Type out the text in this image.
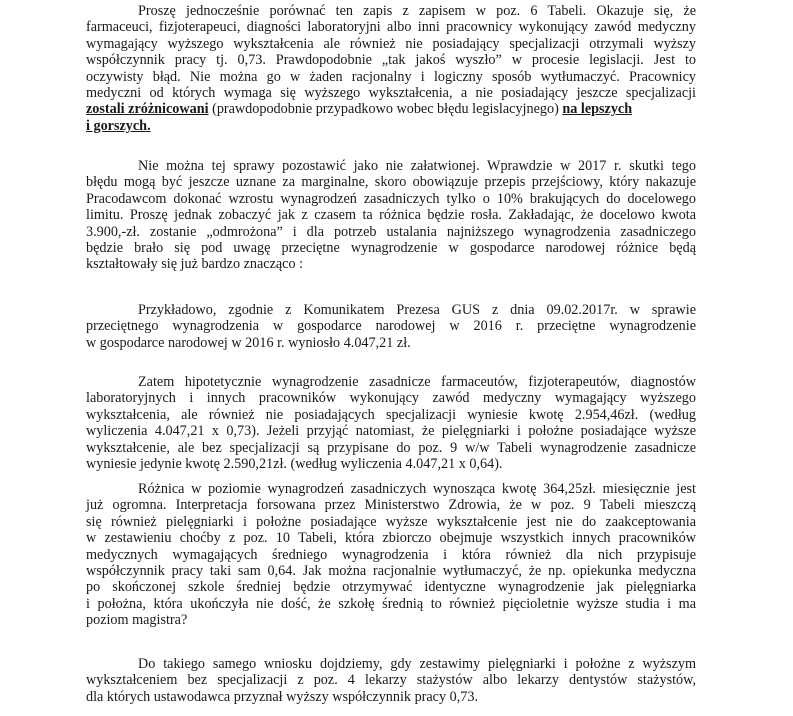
Proszę jednocześnie porównać ten zapis z zapisem w poz. 6 Tabeli. Okazuje się, że
farmaceuci, fizjoterapeuci, diagności laboratoryjni albo inni pracownicy wykonujący zawód medyczny
wymagający wyższego wykształcenia ale również nie posiadający specjalizacji otrzymali wyższy
współczynnik pracy tj. 0,73. Prawdopodobnie „tak jakoś wyszło” w procesie legislacji. Jest to
oczywisty błąd. Nie można go w żaden racjonalny i logiczny sposób wytłumaczyć. Pracownicy
medyczni od których wymaga się wyższego wykształcenia, a nie posiadający jeszcze specjalizacji
zostali zróżnicowani (prawdopodobnie przypadkowo wobec błędu legislacyjnego) na lepszych
i gorszych.
Nie można tej sprawy pozostawić jako nie załatwionej. Wprawdzie w 2017 r. skutki tego
błędu mogą być jeszcze uznane za marginalne, skoro obowiązuje przepis przejściowy, który nakazuje
Pracodawcom dokonać wzrostu wynagrodzeń zasadniczych tylko o 10% brakujących do docelowego
limitu. Proszę jednak zobaczyć jak z czasem ta różnica będzie rosła. Zakładając, że docelowo kwota
3.900,-zł. zostanie „odmrożona” i dla potrzeb ustalania najniższego wynagrodzenia zasadniczego
będzie brało się pod uwagę przeciętne wynagrodzenie w gospodarce narodowej różnice będą
kształtowały się już bardzo znacząco :
Przykładowo, zgodnie z Komunikatem Prezesa GUS z dnia 09.02.2017r. w sprawie
przeciętnego wynagrodzenia w gospodarce narodowej w 2016 r. przeciętne wynagrodzenie
w gospodarce narodowej w 2016 r. wyniosło 4.047,21 zł.
Zatem hipotetycznie wynagrodzenie zasadnicze farmaceutów, fizjoterapeutów, diagnostów
laboratoryjnych i innych pracowników wykonujący zawód medyczny wymagający wyższego
wykształcenia, ale również nie posiadających specjalizacji wyniesie kwotę 2.954,46zł. (według
wyliczenia 4.047,21 x 0,73). Jeżeli przyjąć natomiast, że pielęgniarki i położne posiadające wyższe
wykształcenie, ale bez specjalizacji są przypisane do poz. 9 w/w Tabeli wynagrodzenie zasadnicze
wyniesie jedynie kwotę 2.590,21zł. (według wyliczenia 4.047,21 x 0,64).
Różnica w poziomie wynagrodzeń zasadniczych wynosząca kwotę 364,25zł. miesięcznie jest
już ogromna. Interpretacja forsowana przez Ministerstwo Zdrowia, że w poz. 9 Tabeli mieszczą
się również pielęgniarki i położne posiadające wyższe wykształcenie jest nie do zaakceptowania
w zestawieniu choćby z poz. 10 Tabeli, która zbiorczo obejmuje wszystkich innych pracowników
medycznych wymagających średniego wynagrodzenia i która również dla nich przypisuje
współczynnik pracy taki sam 0,64. Jak można racjonalnie wytłumaczyć, że np. opiekunka medyczna
po skończonej szkole średniej będzie otrzymywać identyczne wynagrodzenie jak pielęgniarka
i położna, która ukończyła nie dość, że szkołę średnią to również pięcioletnie wyższe studia i ma
poziom magistra?
Do takiego samego wniosku dojdziemy, gdy zestawimy pielęgniarki i położne z wyższym
wykształceniem bez specjalizacji z poz. 4 lekarzy stażystów albo lekarzy dentystów stażystów,
dla których ustawodawca przyznał wyższy współczynnik pracy 0,73.
